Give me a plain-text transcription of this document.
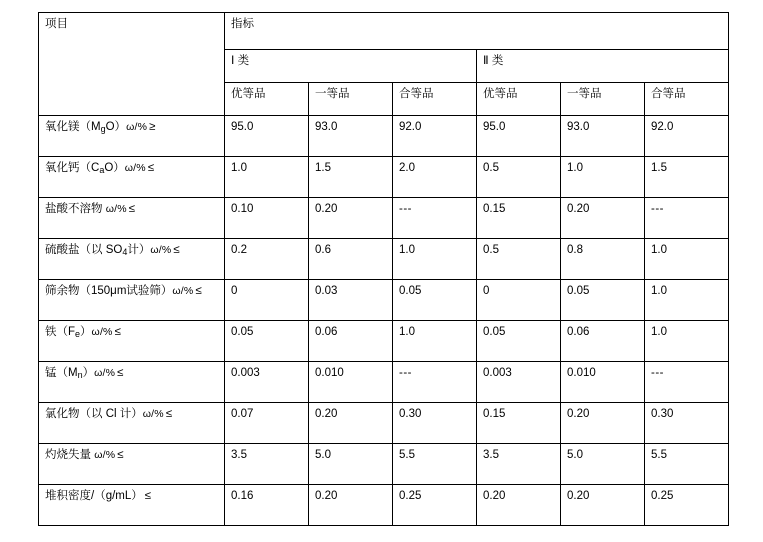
项目	指标					
	Ⅰ 类			Ⅱ 类		
	优等品	一等品	合等品	优等品	一等品	合等品
氧化镁$(M_gO)\omega/\%$ ≥	95.0	93.0	92.0	95.0	93.0	92.0
氧化钙$(C_aO)\omega/\%$ ≤	1.0	1.5	2.0	0.5	1.0	1.5
盐酸不溶物 ω/% ≤	0.10	0.20	---	0.15	0.20	---
硫酸盐（以 $SO_4$计）ω/% ≤	0.2	0.6	1.0	0.5	0.8	1.0
筛余物（150μm试验筛）ω/% ≤	0	0.03	0.05	0	0.05	1.0
铁$(F_e)\omega/\%$ ≤	0.05	0.06	1.0	0.05	0.06	1.0
锰$(M_n)\omega/\%$ ≤	0.003	0.010	---	0.003	0.010	---
氯化物（以 Cl 计）ω/% ≤	0.07	0.20	0.30	0.15	0.20	0.30
灼烧失量 ω/% ≤	3.5	5.0	5.5	3.5	5.0	5.5
堆积密度/（g/mL） ≤	0.16	0.20	0.25	0.20	0.20	0.25
